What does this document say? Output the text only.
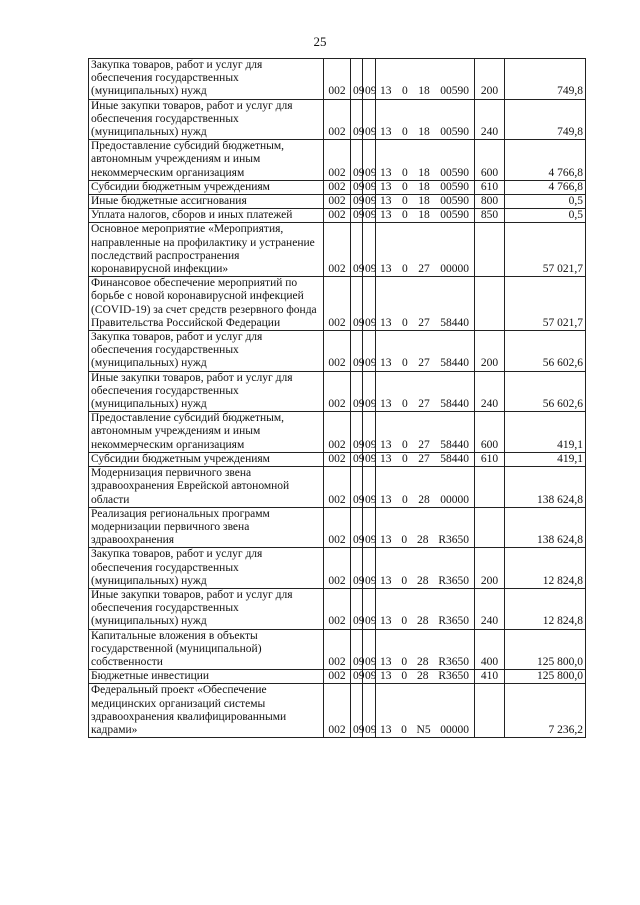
25
Закупка товаров, работ и услуг для обеспечения государственных (муниципальных) нужд	002	09	09	13 0 18 00590	200	749,8
Иные закупки товаров, работ и услуг для обеспечения государственных (муниципальных) нужд	002	09	09	13 0 18 00590	240	749,8
Предоставление субсидий бюджетным, автономным учреждениям и иным некоммерческим организациям	002	09	09	13 0 18 00590	600	4 766,8
Субсидии бюджетным учреждениям	002	09	09	13 0 18 00590	610	4 766,8
Иные бюджетные ассигнования	002	09	09	13 0 18 00590	800	0,5
Уплата налогов, сборов и иных платежей	002	09	09	13 0 18 00590	850	0,5
Основное мероприятие «Мероприятия, направленные на профилактику и устранение последствий распространения коронавирусной инфекции»	002	09	09	13 0 27 00000		57 021,7
Финансовое обеспечение мероприятий по борьбе с новой коронавирусной инфекцией (COVID-19) за счет средств резервного фонда Правительства Российской Федерации	002	09	09	13 0 27 58440		57 021,7
Закупка товаров, работ и услуг для обеспечения государственных (муниципальных) нужд	002	09	09	13 0 27 58440	200	56 602,6
Иные закупки товаров, работ и услуг для обеспечения государственных (муниципальных) нужд	002	09	09	13 0 27 58440	240	56 602,6
Предоставление субсидий бюджетным, автономным учреждениям и иным некоммерческим организациям	002	09	09	13 0 27 58440	600	419,1
Субсидии бюджетным учреждениям	002	09	09	13 0 27 58440	610	419,1
Модернизация первичного звена здравоохранения Еврейской автономной области	002	09	09	13 0 28 00000		138 624,8
Реализация региональных программ модернизации первичного звена здравоохранения	002	09	09	13 0 28 R3650		138 624,8
Закупка товаров, работ и услуг для обеспечения государственных (муниципальных) нужд	002	09	09	13 0 28 R3650	200	12 824,8
Иные закупки товаров, работ и услуг для обеспечения государственных (муниципальных) нужд	002	09	09	13 0 28 R3650	240	12 824,8
Капитальные вложения в объекты государственной (муниципальной) собственности	002	09	09	13 0 28 R3650	400	125 800,0
Бюджетные инвестиции	002	09	09	13 0 28 R3650	410	125 800,0
Федеральный проект «Обеспечение медицинских организаций системы здравоохранения квалифицированными кадрами»	002	09	09	13 0 N5 00000		7 236,2
